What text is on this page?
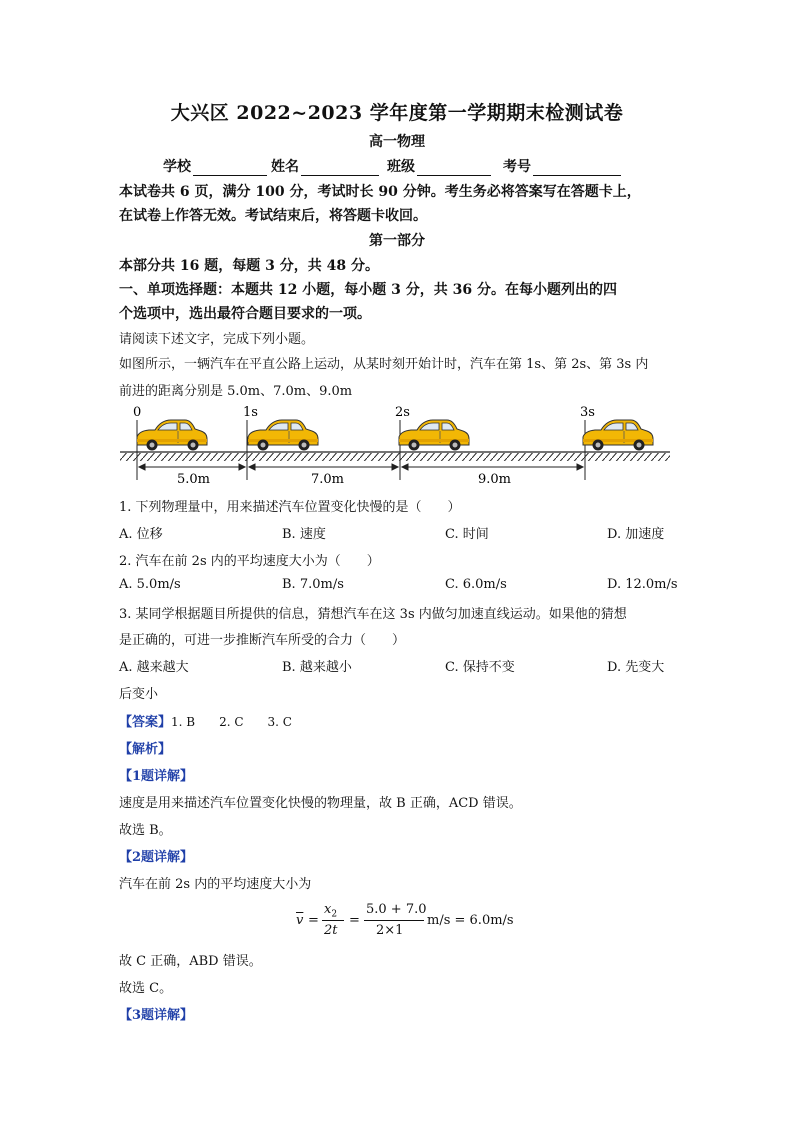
大兴区 2022~2023 学年度第一学期期末检测试卷
高一物理
学校	姓名	班级	考号
本试卷共 6 页，满分 100 分，考试时长 90 分钟。考生务必将答案写在答题卡上，
在试卷上作答无效。考试结束后，将答题卡收回。
第一部分
本部分共 16 题，每题 3 分，共 48 分。
一、单项选择题：本题共 12 小题，每小题 3 分，共 36 分。在每小题列出的四
个选项中，选出最符合题目要求的一项。
请阅读下述文字，完成下列小题。
如图所示，一辆汽车在平直公路上运动，从某时刻开始计时，汽车在第 1s、第 2s、第 3s 内
前进的距离分别是 5.0m、7.0m、9.0m
0	1s	2s	3s
5.0m	7.0m	9.0m
1. 下列物理量中，用来描述汽车位置变化快慢的是（　　）
A. 位移	B. 速度	C. 时间	D. 加速度
2. 汽车在前 2s 内的平均速度大小为（　　）
A. 5.0m/s	B. 7.0m/s	C. 6.0m/s	D. 12.0m/s
3. 某同学根据题目所提供的信息，猜想汽车在这 3s 内做匀加速直线运动。如果他的猜想
是正确的，可进一步推断汽车所受的合力（　　）
A. 越来越大	B. 越来越小	C. 保持不变	D. 先变大
后变小
【答案】1. B　　2. C　　3. C
【解析】
【1题详解】
速度是用来描述汽车位置变化快慢的物理量，故 B 正确，ACD 错误。
故选 B。
【2题详解】
汽车在前 2s 内的平均速度大小为
$\overline{v}$ =
$x_2$
2t
=
5.0 + 7.0
2×1
m/s = 6.0m/s
故 C 正确，ABD 错误。
故选 C。
【3题详解】
